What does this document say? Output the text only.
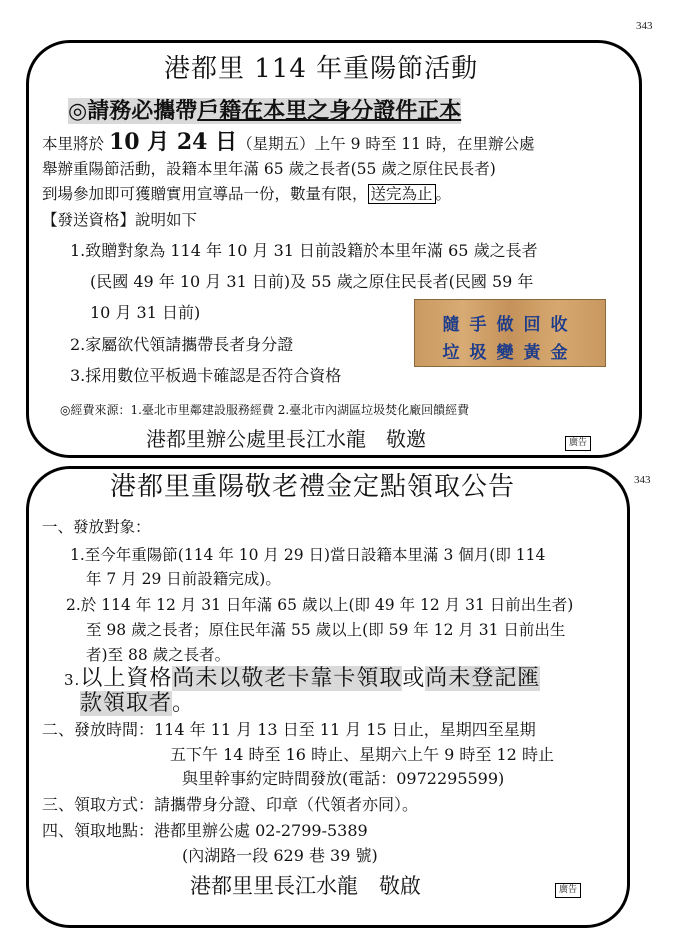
343
港都里 114 年重陽節活動
◎請務必攜帶戶籍在本里之身分證件正本
本里將於 10 月 24 日（星期五）上午 9 時至 11 時，在里辦公處
舉辦重陽節活動，設籍本里年滿 65 歲之長者(55 歲之原住民長者)
到場參加即可獲贈實用宣導品一份，數量有限， 送完為止 。
【發送資格】說明如下
1.致贈對象為 114 年 10 月 31 日前設籍於本里年滿 65 歲之長者
(民國 49 年 10 月 31 日前)及 55 歲之原住民長者(民國 59 年
10 月 31 日前)
2.家屬欲代領請攜帶長者身分證
3.採用數位平板過卡確認是否符合資格
隨手做回收
垃圾變黃金
◎經費來源：1.臺北市里鄰建設服務經費 2.臺北市內湖區垃圾焚化廠回饋經費
港都里辦公處里長江水龍　敬邀	廣告
343
港都里重陽敬老禮金定點領取公告
一、發放對象：
1.至今年重陽節(114 年 10 月 29 日)當日設籍本里滿 3 個月(即 114
年 7 月 29 日前設籍完成)。
2.於 114 年 12 月 31 日年滿 65 歲以上(即 49 年 12 月 31 日前出生者)
至 98 歲之長者；原住民年滿 55 歲以上(即 59 年 12 月 31 日前出生
者)至 88 歲之長者。
3.以上資格尚未以敬老卡靠卡領取或尚未登記匯
款領取者。
二、發放時間：114 年 11 月 13 日至 11 月 15 日止，星期四至星期
五下午 14 時至 16 時止、星期六上午 9 時至 12 時止
與里幹事約定時間發放(電話：0972295599)
三、領取方式：請攜帶身分證、印章（代領者亦同）。
四、領取地點：港都里辦公處 02-2799-5389
(內湖路一段 629 巷 39 號)
港都里里長江水龍　敬啟	廣告
